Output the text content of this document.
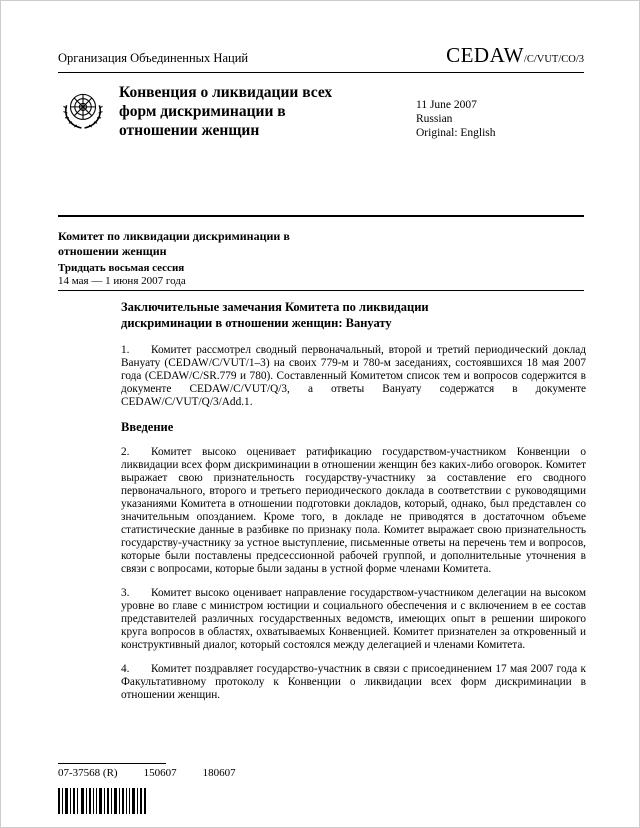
Организация Объединенных Наций	CEDAW/C/VUT/CO/3
Конвенция о ликвидации всех форм дискриминации в отношении женщин
11 June 2007
Russian
Original: English
Комитет по ликвидации дискриминации в отношении женщин
Тридцать восьмая сессия
14 мая — 1 июня 2007 года
Заключительные замечания Комитета по ликвидации дискриминации в отношении женщин: Вануату

1. Комитет рассмотрел сводный первоначальный, второй и третий периодический доклад Вануату (CEDAW/C/VUT/1–3) на своих 779-м и 780-м заседаниях, состоявшихся 18 мая 2007 года (CEDAW/C/SR.779 и 780). Составленный Комитетом список тем и вопросов содержится в документе CEDAW/C/VUT/Q/3, а ответы Вануату содержатся в документе CEDAW/C/VUT/Q/3/Add.1.

Введение

2. Комитет высоко оценивает ратификацию государством-участником Конвенции о ликвидации всех форм дискриминации в отношении женщин без каких-либо оговорок. Комитет выражает свою признательность государству-участнику за составление его сводного первоначального, второго и третьего периодического доклада в соответствии с руководящими указаниями Комитета в отношении подготовки докладов, который, однако, был представлен со значительным опозданием. Кроме того, в докладе не приводятся в достаточном объеме статистические данные в разбивке по признаку пола. Комитет выражает свою признательность государству-участнику за устное выступление, письменные ответы на перечень тем и вопросов, которые были поставлены предсессионной рабочей группой, и дополнительные уточнения в связи с вопросами, которые были заданы в устной форме членами Комитета.

3. Комитет высоко оценивает направление государством-участником делегации на высоком уровне во главе с министром юстиции и социального обеспечения и с включением в ее состав представителей различных государственных ведомств, имеющих опыт в решении широкого круга вопросов в областях, охватываемых Конвенцией. Комитет признателен за откровенный и конструктивный диалог, который состоялся между делегацией и членами Комитета.

4. Комитет поздравляет государство-участник в связи с присоединением 17 мая 2007 года к Факультативному протоколу к Конвенции о ликвидации всех форм дискриминации в отношении женщин.

07-37568 (R) 150607 180607
